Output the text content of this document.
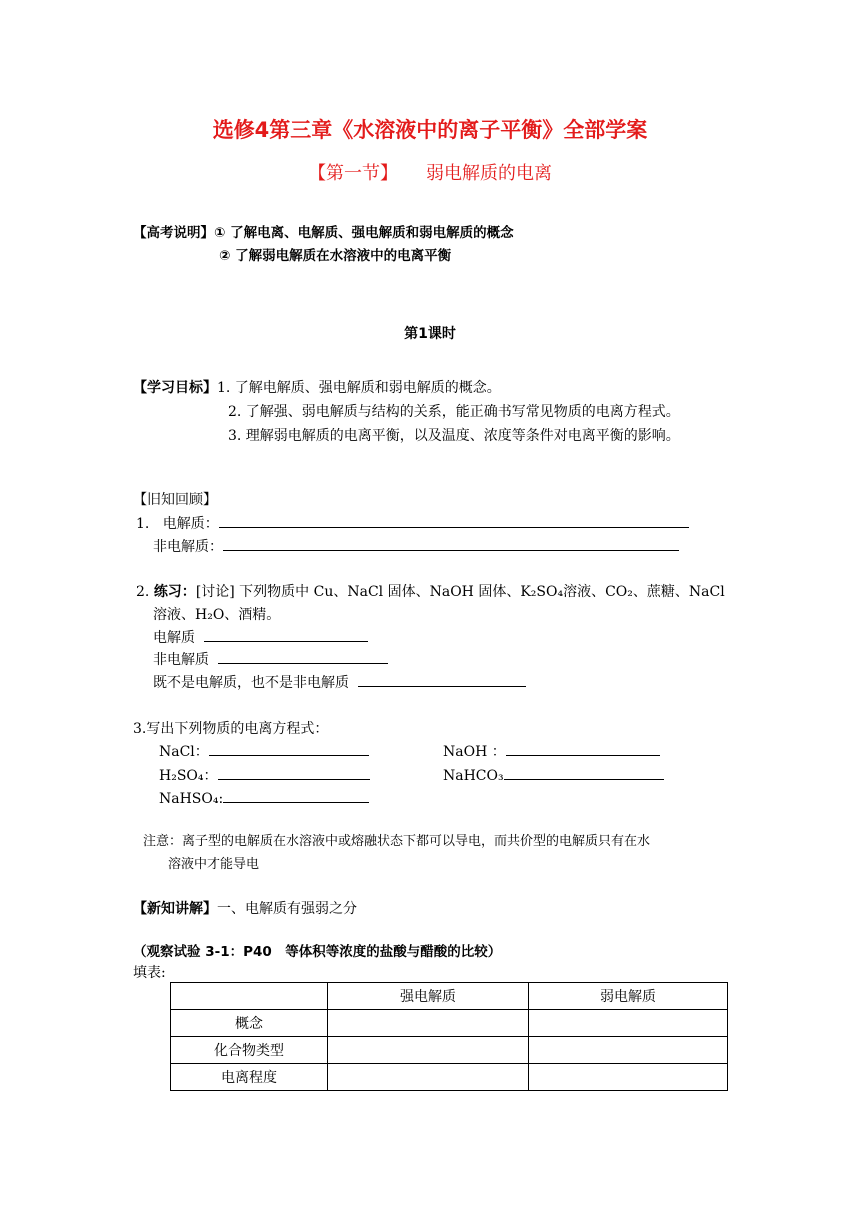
选修4第三章《水溶液中的离子平衡》全部学案
【第一节】 弱电解质的电离
【高考说明】① 了解电离、电解质、强电解质和弱电解质的概念
② 了解弱电解质在水溶液中的电离平衡
第1课时
【学习目标】1. 了解电解质、强电解质和弱电解质的概念。
2. 了解强、弱电解质与结构的关系，能正确书写常见物质的电离方程式。
3. 理解弱电解质的电离平衡，以及温度、浓度等条件对电离平衡的影响。
【旧知回顾】
1. 电解质：
非电解质：
2. 练习：[讨论] 下列物质中 Cu、NaCl 固体、NaOH 固体、K₂SO₄溶液、CO₂、蔗糖、NaCl
溶液、H₂O、酒精。
电解质
非电解质
既不是电解质，也不是非电解质
3.写出下列物质的电离方程式：
NaCl：	NaOH ：
H₂SO₄：	NaHCO₃
NaHSO₄:
注意：离子型的电解质在水溶液中或熔融状态下都可以导电，而共价型的电解质只有在水
溶液中才能导电
【新知讲解】一、电解质有强弱之分
（观察试验 3-1：P40　等体积等浓度的盐酸与醋酸的比较）
填表:
	强电解质	弱电解质
概念		
化合物类型		
电离程度		
